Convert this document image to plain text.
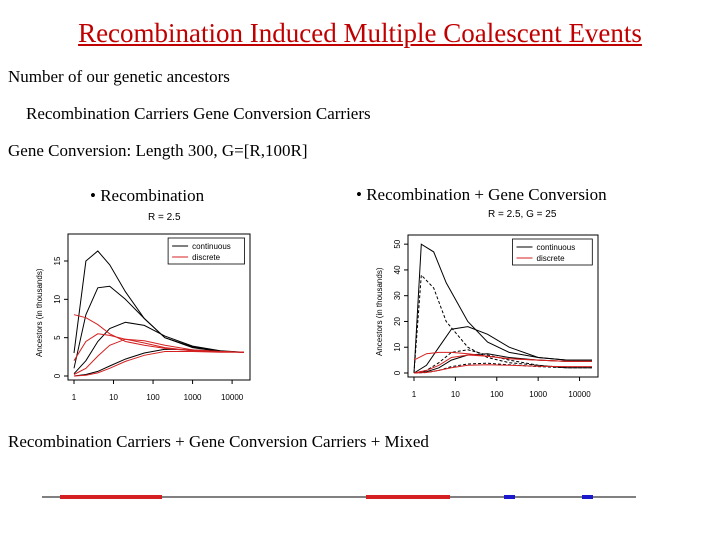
Recombination Induced Multiple Coalescent Events
Number of our genetic ancestors
Recombination Carriers Gene Conversion Carriers
Gene Conversion: Length 300, G=[R,100R]
• Recombination	• Recombination + Gene Conversion
R = 2.5
Ancestors (in thousands)
0
5
10
15
1	10	100	1000 10000
continuous
discrete
R = 2.5, G = 25
Ancestors (in thousands)
0
10
20
30
40
50
1	10	100	1000	10000
continuous
discrete
Recombination Carriers + Gene Conversion Carriers + Mixed
